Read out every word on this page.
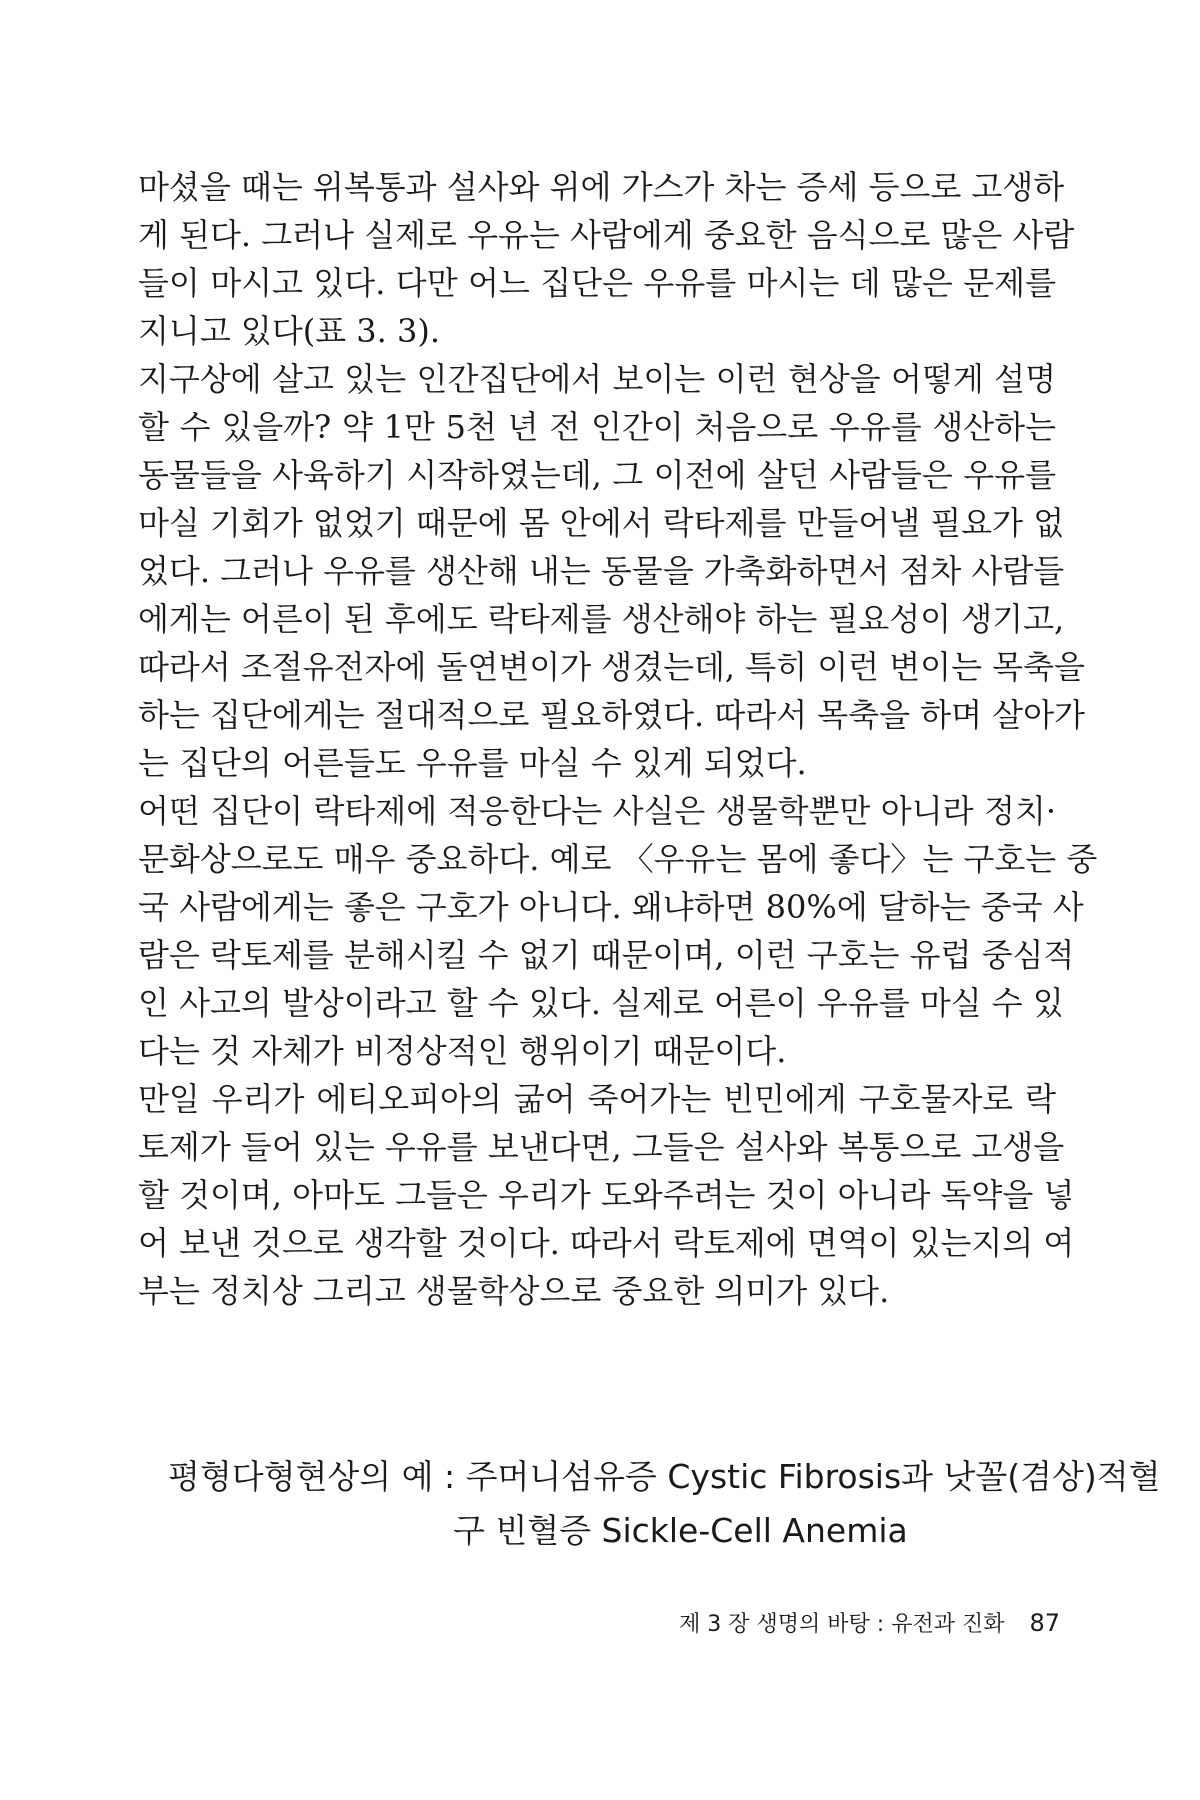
마셨을 때는 위복통과 설사와 위에 가스가 차는 증세 등으로 고생하
게 된다. 그러나 실제로 우유는 사람에게 중요한 음식으로 많은 사람
들이 마시고 있다. 다만 어느 집단은 우유를 마시는 데 많은 문제를
지니고 있다(표 3. 3).
지구상에 살고 있는 인간집단에서 보이는 이런 현상을 어떻게 설명
할 수 있을까? 약 1만 5천 년 전 인간이 처음으로 우유를 생산하는
동물들을 사육하기 시작하였는데, 그 이전에 살던 사람들은 우유를
마실 기회가 없었기 때문에 몸 안에서 락타제를 만들어낼 필요가 없
었다. 그러나 우유를 생산해 내는 동물을 가축화하면서 점차 사람들
에게는 어른이 된 후에도 락타제를 생산해야 하는 필요성이 생기고,
따라서 조절유전자에 돌연변이가 생겼는데, 특히 이런 변이는 목축을
하는 집단에게는 절대적으로 필요하였다. 따라서 목축을 하며 살아가
는 집단의 어른들도 우유를 마실 수 있게 되었다.
어떤 집단이 락타제에 적응한다는 사실은 생물학뿐만 아니라 정치·
문화상으로도 매우 중요하다. 예로 〈우유는 몸에 좋다〉는 구호는 중
국 사람에게는 좋은 구호가 아니다. 왜냐하면 80%에 달하는 중국 사
람은 락토제를 분해시킬 수 없기 때문이며, 이런 구호는 유럽 중심적
인 사고의 발상이라고 할 수 있다. 실제로 어른이 우유를 마실 수 있
다는 것 자체가 비정상적인 행위이기 때문이다.
만일 우리가 에티오피아의 굶어 죽어가는 빈민에게 구호물자로 락
토제가 들어 있는 우유를 보낸다면, 그들은 설사와 복통으로 고생을
할 것이며, 아마도 그들은 우리가 도와주려는 것이 아니라 독약을 넣
어 보낸 것으로 생각할 것이다. 따라서 락토제에 면역이 있는지의 여
부는 정치상 그리고 생물학상으로 중요한 의미가 있다.
평형다형현상의 예 : 주머니섬유증 Cystic Fibrosis과 낫꼴(겸상)적혈
구 빈혈증 Sickle-Cell Anemia
제 3 장 생명의 바탕 : 유전과 진화 87
